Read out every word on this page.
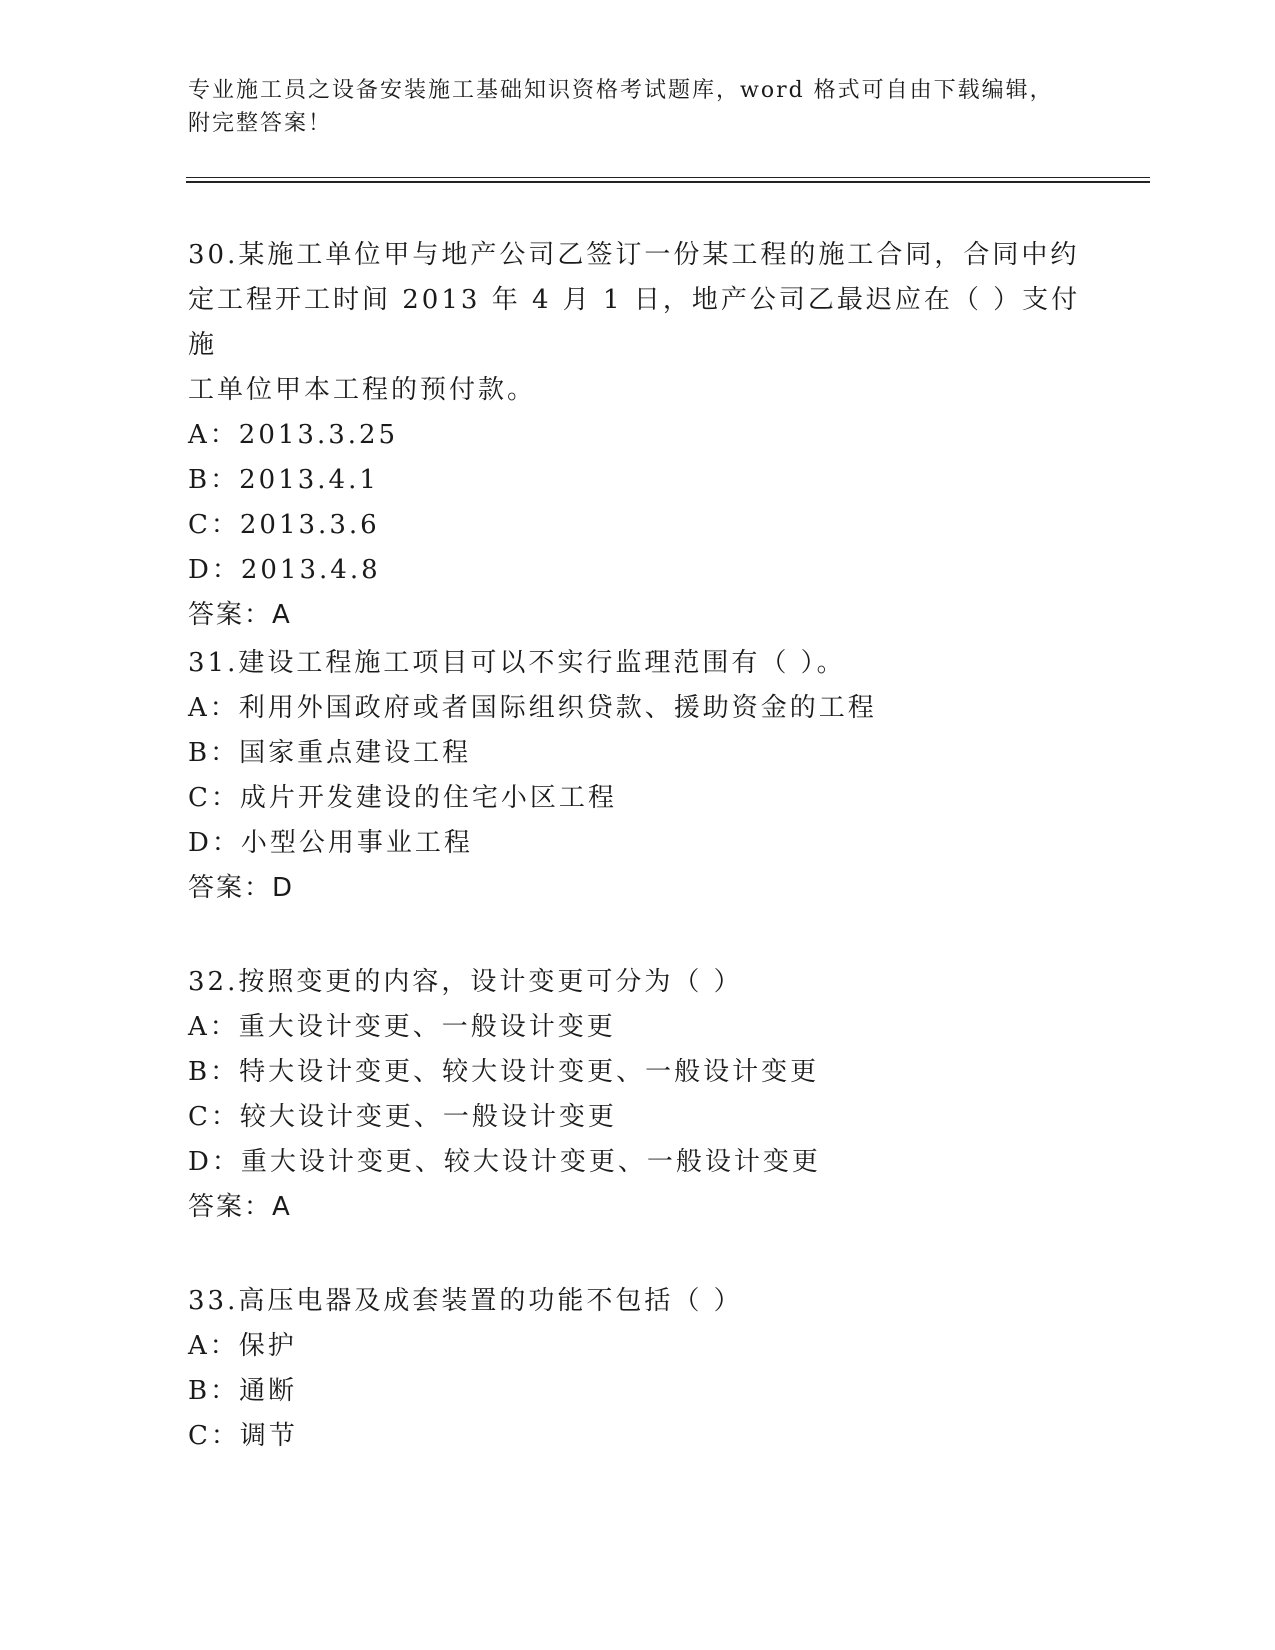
专业施工员之设备安装施工基础知识资格考试题库，word 格式可自由下载编辑，
附完整答案！
30.某施工单位甲与地产公司乙签订一份某工程的施工合同，合同中约
定工程开工时间 2013 年 4 月 1 日，地产公司乙最迟应在（ ）支付施
工单位甲本工程的预付款。
A：2013.3.25
B：2013.4.1
C：2013.3.6
D：2013.4.8
答案：A
31.建设工程施工项目可以不实行监理范围有（ ）。
A：利用外国政府或者国际组织贷款、援助资金的工程
B：国家重点建设工程
C：成片开发建设的住宅小区工程
D：小型公用事业工程
答案：D
32.按照变更的内容，设计变更可分为（ ）
A：重大设计变更、一般设计变更
B：特大设计变更、较大设计变更、一般设计变更
C：较大设计变更、一般设计变更
D：重大设计变更、较大设计变更、一般设计变更
答案：A
33.高压电器及成套装置的功能不包括（ ）
A：保护
B：通断
C：调节
